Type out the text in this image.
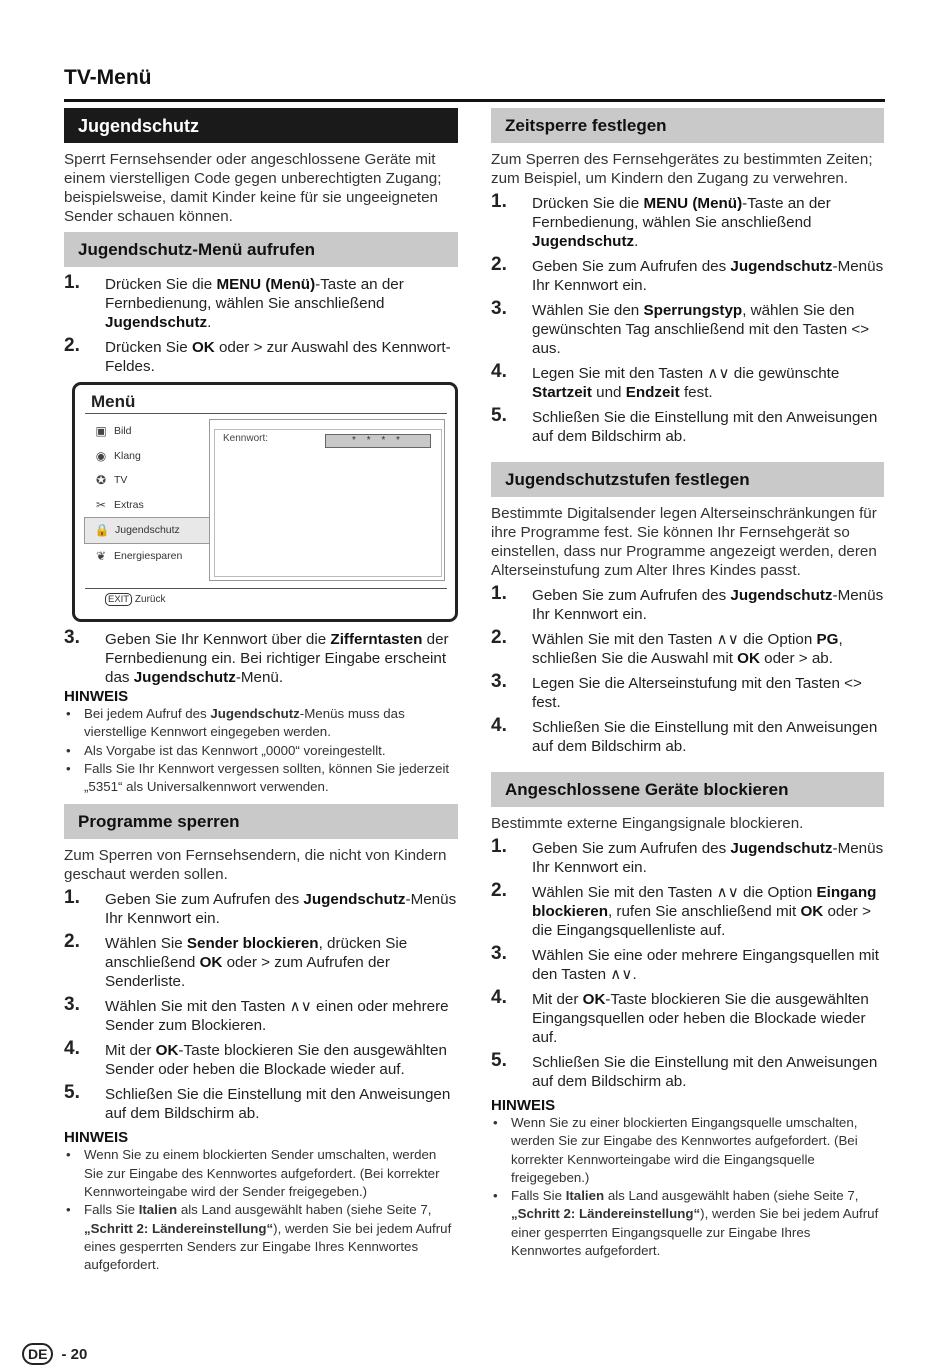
TV-Menü
Jugendschutz

Sperrt Fernsehsender oder angeschlossene Geräte mit einem vierstelligen Code gegen unberechtigten Zugang; beispielsweise, damit Kinder keine für sie ungeeigneten Sender schauen können.

Jugendschutz-Menü aufrufen
1. Drücken Sie die MENU (Menü)-Taste an der Fernbedienung, wählen Sie anschließend Jugendschutz.
2. Drücken Sie OK oder > zur Auswahl des Kennwort-Feldes.
Menü
▣ Bild
◉ Klang
✪ TV
✂ Extras
🔒 Jugendschutz
❦ Energiesparen
Kennwort:	* * * *
EXIT Zurück
3. Geben Sie Ihr Kennwort über die Zifferntasten der Fernbedienung ein. Bei richtiger Eingabe erscheint das Jugendschutz-Menü.
HINWEIS
• Bei jedem Aufruf des Jugendschutz-Menüs muss das vierstellige Kennwort eingegeben werden.
• Als Vorgabe ist das Kennwort „0000“ voreingestellt.
• Falls Sie Ihr Kennwort vergessen sollten, können Sie jederzeit „5351“ als Universalkennwort verwenden.
Programme sperren

Zum Sperren von Fernsehsendern, die nicht von Kindern geschaut werden sollen.

1. Geben Sie zum Aufrufen des Jugendschutz-Menüs Ihr Kennwort ein.
2. Wählen Sie Sender blockieren, drücken Sie anschließend OK oder > zum Aufrufen der Senderliste.
3. Wählen Sie mit den Tasten ∧∨ einen oder mehrere Sender zum Blockieren.
4. Mit der OK-Taste blockieren Sie den ausgewählten Sender oder heben die Blockade wieder auf.
5. Schließen Sie die Einstellung mit den Anweisungen auf dem Bildschirm ab.
HINWEIS
• Wenn Sie zu einem blockierten Sender umschalten, werden Sie zur Eingabe des Kennwortes aufgefordert. (Bei korrekter Kennworteingabe wird der Sender freigegeben.)
• Falls Sie Italien als Land ausgewählt haben (siehe Seite 7, „Schritt 2: Ländereinstellung“), werden Sie bei jedem Aufruf eines gesperrten Senders zur Eingabe Ihres Kennwortes aufgefordert.
Zeitsperre festlegen

Zum Sperren des Fernsehgerätes zu bestimmten Zeiten; zum Beispiel, um Kindern den Zugang zu verwehren.

1. Drücken Sie die MENU (Menü)-Taste an der Fernbedienung, wählen Sie anschließend Jugendschutz.
2. Geben Sie zum Aufrufen des Jugendschutz-Menüs Ihr Kennwort ein.
3. Wählen Sie den Sperrungstyp, wählen Sie den gewünschten Tag anschließend mit den Tasten <> aus.
4. Legen Sie mit den Tasten ∧∨ die gewünschte Startzeit und Endzeit fest.
5. Schließen Sie die Einstellung mit den Anweisungen auf dem Bildschirm ab.
Jugendschutzstufen festlegen

Bestimmte Digitalsender legen Alterseinschränkungen für ihre Programme fest. Sie können Ihr Fernsehgerät so einstellen, dass nur Programme angezeigt werden, deren Alterseinstufung zum Alter Ihres Kindes passt.

1. Geben Sie zum Aufrufen des Jugendschutz-Menüs Ihr Kennwort ein.
2. Wählen Sie mit den Tasten ∧∨ die Option PG, schließen Sie die Auswahl mit OK oder > ab.
3. Legen Sie die Alterseinstufung mit den Tasten <> fest.
4. Schließen Sie die Einstellung mit den Anweisungen auf dem Bildschirm ab.
Angeschlossene Geräte blockieren

Bestimmte externe Eingangsignale blockieren.

1. Geben Sie zum Aufrufen des Jugendschutz-Menüs Ihr Kennwort ein.
2. Wählen Sie mit den Tasten ∧∨ die Option Eingang blockieren, rufen Sie anschließend mit OK oder > die Eingangsquellenliste auf.
3. Wählen Sie eine oder mehrere Eingangsquellen mit den Tasten ∧∨.
4. Mit der OK-Taste blockieren Sie die ausgewählten Eingangsquellen oder heben die Blockade wieder auf.
5. Schließen Sie die Einstellung mit den Anweisungen auf dem Bildschirm ab.
HINWEIS
• Wenn Sie zu einer blockierten Eingangsquelle umschalten, werden Sie zur Eingabe des Kennwortes aufgefordert. (Bei korrekter Kennworteingabe wird die Eingangsquelle freigegeben.)
• Falls Sie Italien als Land ausgewählt haben (siehe Seite 7, „Schritt 2: Ländereinstellung“), werden Sie bei jedem Aufruf einer gesperrten Eingangsquelle zur Eingabe Ihres Kennwortes aufgefordert.
DE - 20
